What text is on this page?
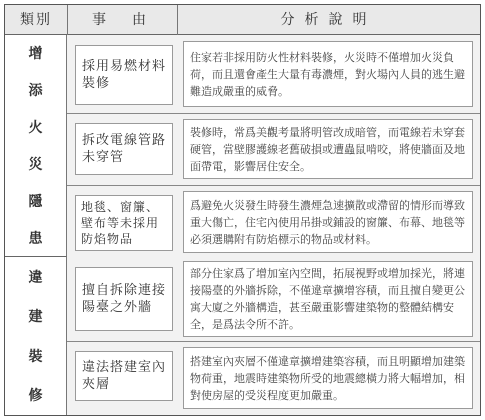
類別	事　由	分析說明
增
添
火
災
隱
患
違
建
裝
修
採用易燃材料裝修
住家若非採用防火性材料裝修，火災時不僅增加火災負荷，而且還會產生大量有毒濃煙，對火場內人員的逃生避難造成嚴重的威脅。
拆改電線管路未穿管
裝修時，常爲美觀考量將明管改成暗管，而電線若未穿套硬管，當壁膠護線老舊破損或遭蟲鼠啃咬，將使牆面及地面帶電，影響居住安全。
地毯、窗簾、壁布等未採用防焰物品
爲避免火災發生時發生濃煙急速擴散或滯留的情形而導致重大傷亡，住宅內使用吊掛或鋪設的窗簾、布幕、地毯等必須選購附有防焰標示的物品或材料。
擅自拆除連接陽臺之外牆
部分住家爲了增加室內空間，拓展視野或增加採光，將連接陽臺的外牆拆除，不僅違章擴增容積，而且擅自變更公寓大廈之外牆構造，甚至嚴重影響建築物的整體結構安全，是爲法令所不許。
違法搭建室內夾層
搭建室內夾層不僅違章擴增建築容積，而且明顯增加建築物荷重，地震時建築物所受的地震總橫力將大幅增加，相對使房屋的受災程度更加嚴重。
